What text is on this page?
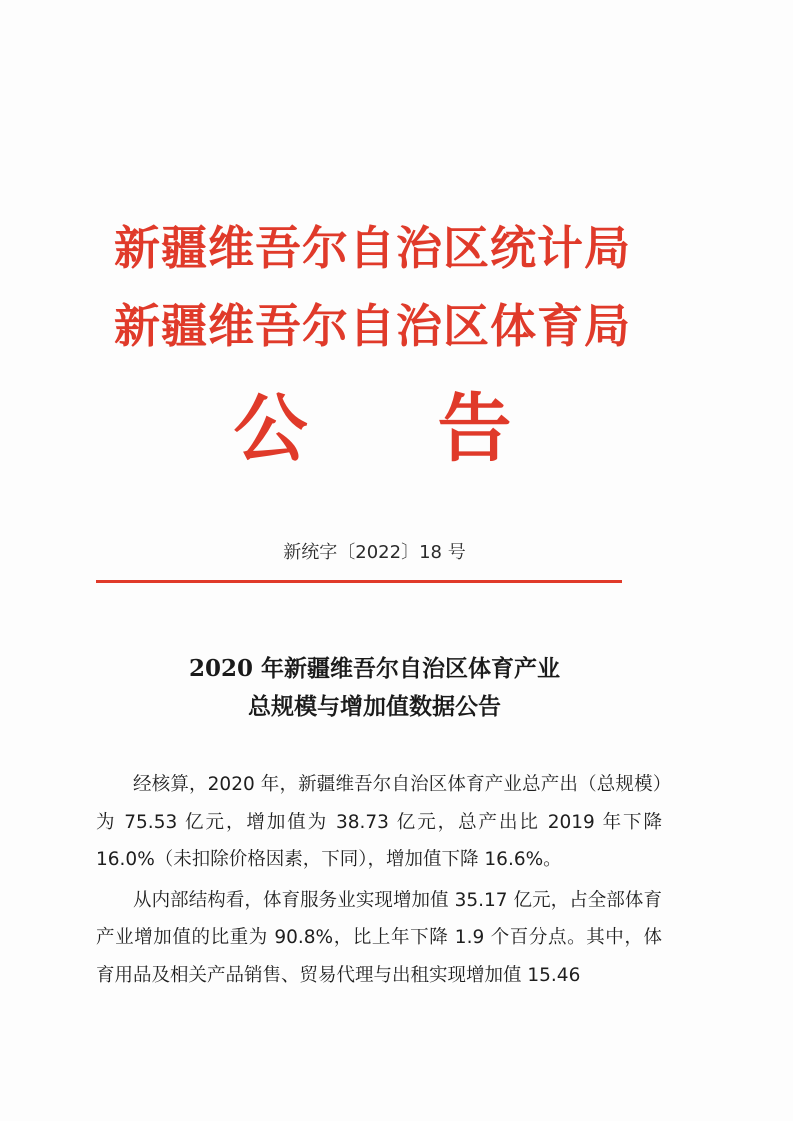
新疆维吾尔自治区统计局
新疆维吾尔自治区体育局
公 告
新统字〔2022〕18 号
2020 年新疆维吾尔自治区体育产业
总规模与增加值数据公告

经核算，2020 年，新疆维吾尔自治区体育产业总产出（总规模）为 75.53 亿元，增加值为 38.73 亿元，总产出比 2019 年下降 16.0%（未扣除价格因素，下同），增加值下降 16.6%。

从内部结构看，体育服务业实现增加值 35.17 亿元，占全部体育产业增加值的比重为 90.8%，比上年下降 1.9 个百分点。其中，体育用品及相关产品销售、贸易代理与出租实现增加值 15.46
